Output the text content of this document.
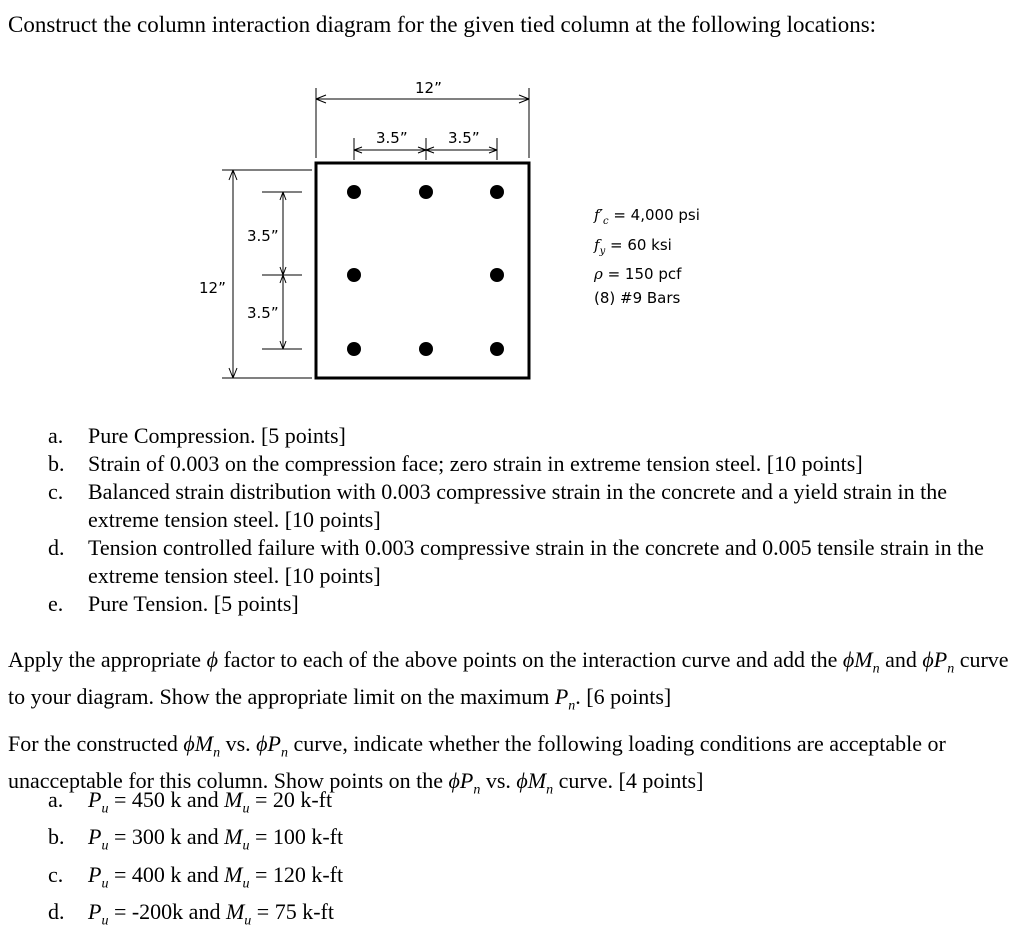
Construct the column interaction diagram for the given tied column at the following locations:
12”
3.5”	3.5”
12”
3.5”
3.5”
$f'_c = 4,000$ psi
$f_y = 60$ ksi
ρ = 150 pcf
(8) #9 Bars
a. Pure Compression. [5 points]
b. Strain of 0.003 on the compression face; zero strain in extreme tension steel. [10 points]
c. Balanced strain distribution with 0.003 compressive strain in the concrete and a yield strain in the extreme tension steel. [10 points]
d. Tension controlled failure with 0.003 compressive strain in the concrete and 0.005 tensile strain in the extreme tension steel. [10 points]
e. Pure Tension. [5 points]

Apply the appropriate ϕ factor to each of the above points on the interaction curve and add the $\phi M_n$ and $\phi P_n$ curve to your diagram. Show the appropriate limit on the maximum $P_n$. [6 points]

For the constructed $\phi M_n$ vs. $\phi P_n$ curve, indicate whether the following loading conditions are acceptable or unacceptable for this column. Show points on the $\phi P_n$ vs. $\phi M_n$ curve. [4 points]

a. $P_u = 450$ k and $M_u = 20$ k-ft
b. $P_u = 300$ k and $M_u = 100$ k-ft
c. $P_u = 400$ k and $M_u = 120$ k-ft
d. $P_u = -200k$ and $M_u = 75$ k-ft
